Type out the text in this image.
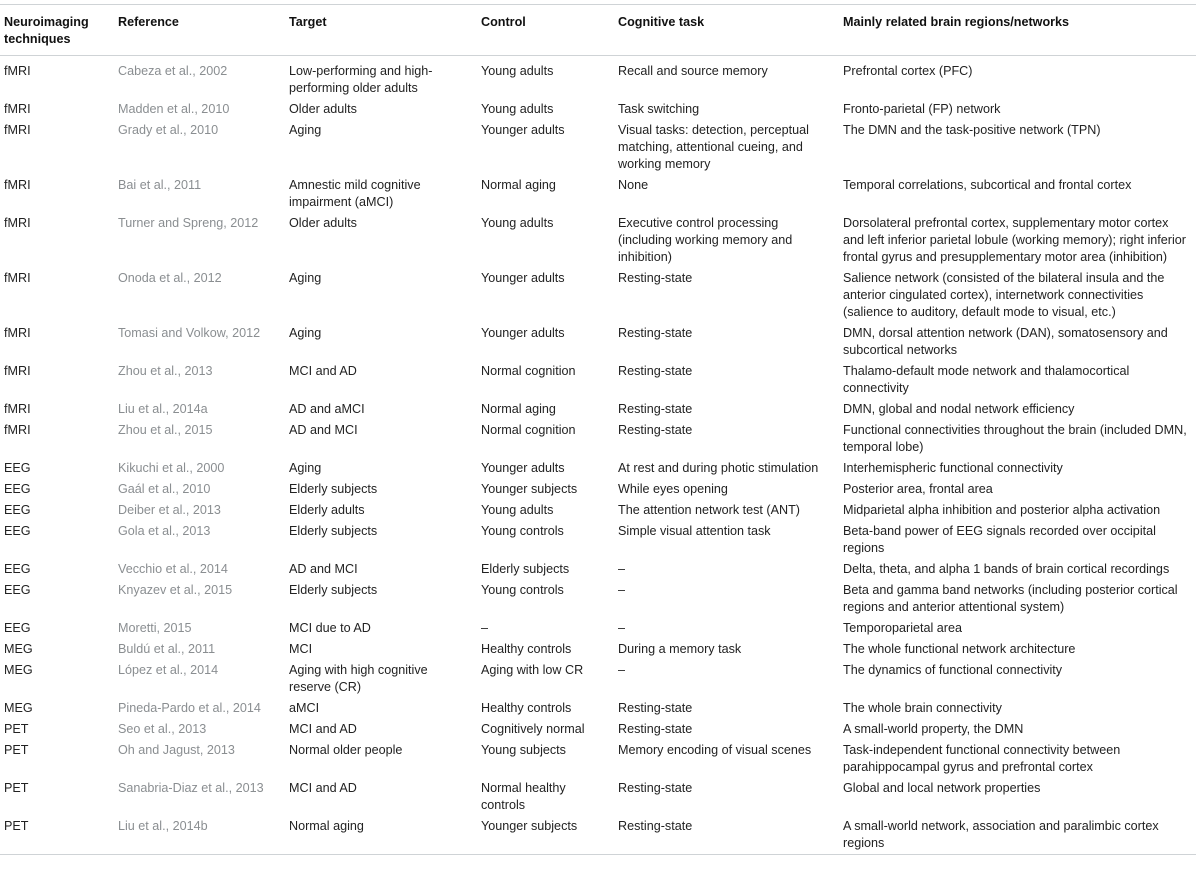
Neuroimaging techniques	Reference	Target	Control	Cognitive task	Mainly related brain regions/networks
fMRI	Cabeza et al., 2002	Low-performing and high-performing older adults	Young adults	Recall and source memory	Prefrontal cortex (PFC)
fMRI	Madden et al., 2010	Older adults	Young adults	Task switching	Fronto-parietal (FP) network
fMRI	Grady et al., 2010	Aging	Younger adults	Visual tasks: detection, perceptual matching, attentional cueing, and working memory	The DMN and the task-positive network (TPN)
fMRI	Bai et al., 2011	Amnestic mild cognitive impairment (aMCI)	Normal aging	None	Temporal correlations, subcortical and frontal cortex
fMRI	Turner and Spreng, 2012	Older adults	Young adults	Executive control processing (including working memory and inhibition)	Dorsolateral prefrontal cortex, supplementary motor cortex and left inferior parietal lobule (working memory); right inferior frontal gyrus and presupplementary motor area (inhibition)
fMRI	Onoda et al., 2012	Aging	Younger adults	Resting-state	Salience network (consisted of the bilateral insula and the anterior cingulated cortex), internetwork connectivities (salience to auditory, default mode to visual, etc.)
fMRI	Tomasi and Volkow, 2012	Aging	Younger adults	Resting-state	DMN, dorsal attention network (DAN), somatosensory and subcortical networks
fMRI	Zhou et al., 2013	MCI and AD	Normal cognition	Resting-state	Thalamo-default mode network and thalamocortical connectivity
fMRI	Liu et al., 2014a	AD and aMCI	Normal aging	Resting-state	DMN, global and nodal network efficiency
fMRI	Zhou et al., 2015	AD and MCI	Normal cognition	Resting-state	Functional connectivities throughout the brain (included DMN, temporal lobe)
EEG	Kikuchi et al., 2000	Aging	Younger adults	At rest and during photic stimulation	Interhemispheric functional connectivity
EEG	Gaál et al., 2010	Elderly subjects	Younger subjects	While eyes opening	Posterior area, frontal area
EEG	Deiber et al., 2013	Elderly adults	Young adults	The attention network test (ANT)	Midparietal alpha inhibition and posterior alpha activation
EEG	Gola et al., 2013	Elderly subjects	Young controls	Simple visual attention task	Beta-band power of EEG signals recorded over occipital regions
EEG	Vecchio et al., 2014	AD and MCI	Elderly subjects	–	Delta, theta, and alpha 1 bands of brain cortical recordings
EEG	Knyazev et al., 2015	Elderly subjects	Young controls	–	Beta and gamma band networks (including posterior cortical regions and anterior attentional system)
EEG	Moretti, 2015	MCI due to AD	–	–	Temporoparietal area
MEG	Buldú et al., 2011	MCI	Healthy controls	During a memory task	The whole functional network architecture
MEG	López et al., 2014	Aging with high cognitive reserve (CR)	Aging with low CR	–	The dynamics of functional connectivity
MEG	Pineda-Pardo et al., 2014	aMCI	Healthy controls	Resting-state	The whole brain connectivity
PET	Seo et al., 2013	MCI and AD	Cognitively normal	Resting-state	A small-world property, the DMN
PET	Oh and Jagust, 2013	Normal older people	Young subjects	Memory encoding of visual scenes	Task-independent functional connectivity between parahippocampal gyrus and prefrontal cortex
PET	Sanabria-Diaz et al., 2013	MCI and AD	Normal healthy controls	Resting-state	Global and local network properties
PET	Liu et al., 2014b	Normal aging	Younger subjects	Resting-state	A small-world network, association and paralimbic cortex regions
